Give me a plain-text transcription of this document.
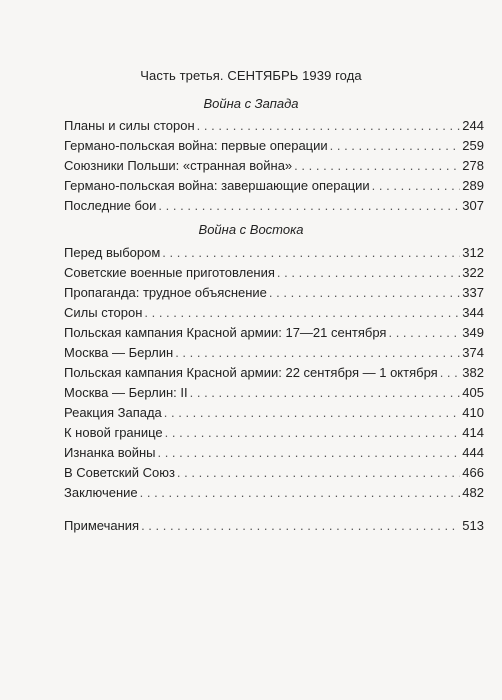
Часть третья. СЕНТЯБРЬ 1939 года
Война с Запада
Планы и силы сторон . . .	244
Германо-польская война: первые операции . . .	259
Союзники Польши: «странная война» . . .	278
Германо-польская война: завершающие операции . . .	289
Последние бои . . .	307
Война с Востока
Перед выбором . . .	312
Советские военные приготовления . . .	322
Пропаганда: трудное объяснение . . .	337
Силы сторон . . .	344
Польская кампания Красной армии: 17—21 сентября . . .	349
Москва — Берлин . . .	374
Польская кампания Красной армии: 22 сентября — 1 октября . . . 382
Москва — Берлин: II . . .	405
Реакция Запада . . .	410
К новой границе . . .	414
Изнанка войны . . .	444
В Советский Союз . . .	466
Заключение . . .	482
Примечания . . .	513
